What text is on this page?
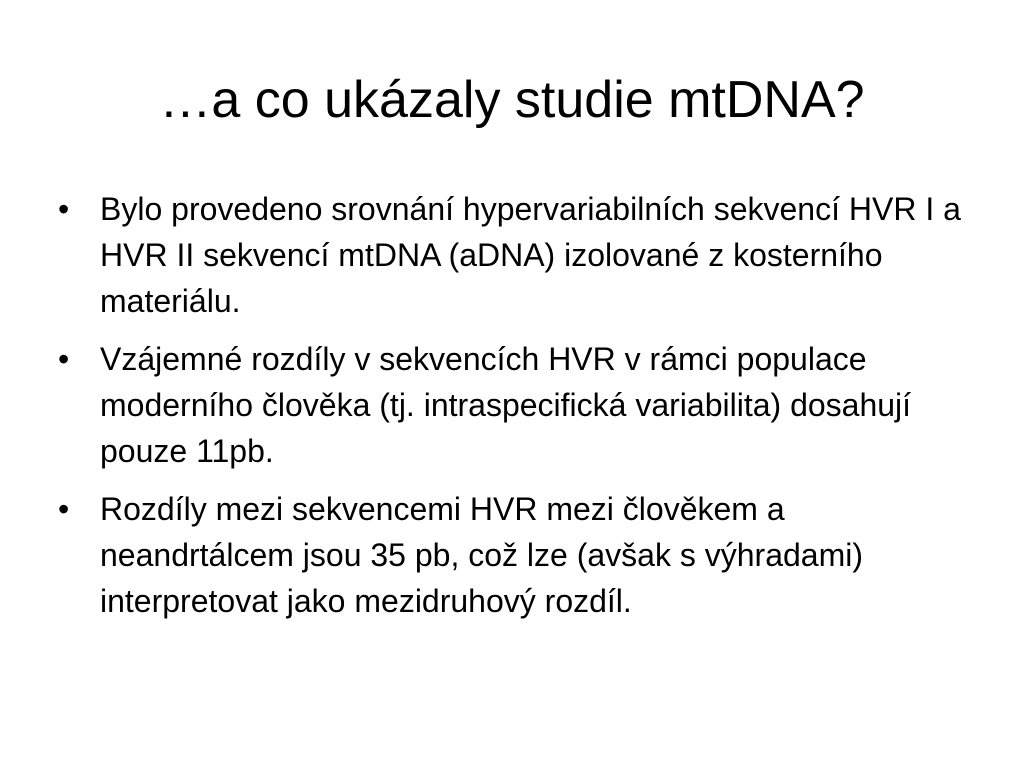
…a co ukázaly studie mtDNA?
• Bylo provedeno srovnání hypervariabilních sekvencí HVR I a HVR II sekvencí mtDNA (aDNA) izolované z kosterního materiálu.
• Vzájemné rozdíly v sekvencích HVR v rámci populace moderního člověka (tj. intraspecifická variabilita) dosahují pouze 11pb.
• Rozdíly mezi sekvencemi HVR mezi člověkem a neandrtálcem jsou 35 pb, což lze (avšak s výhradami) interpretovat jako mezidruhový rozdíl.
